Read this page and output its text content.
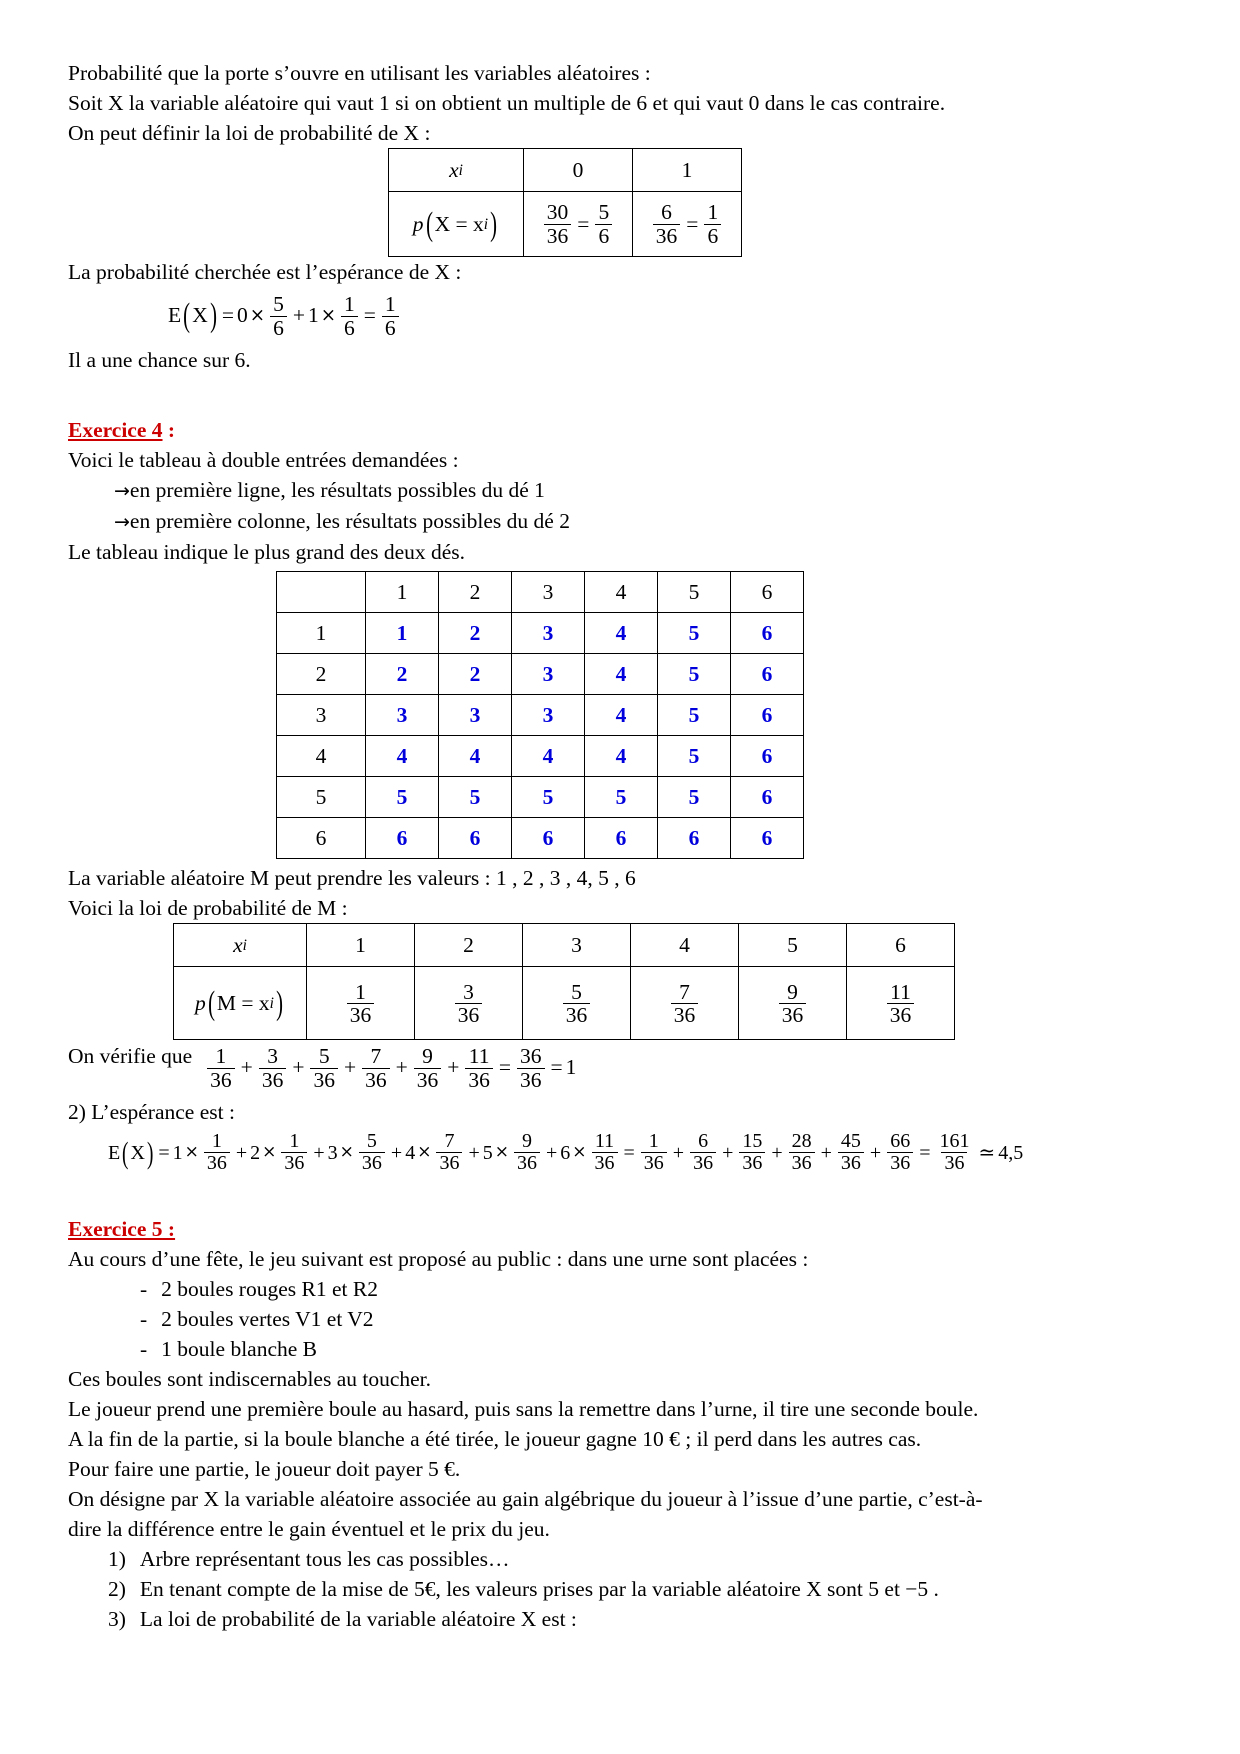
Probabilité que la porte s’ouvre en utilisant les variables aléatoires :
Soit X la variable aléatoire qui vaut 1 si on obtient un multiple de 6 et qui vaut 0 dans le cas contraire.
On peut définir la loi de probabilité de X :
x i	0	1

p ( X = x i )	$\frac{30}{36} = \frac{5}{6}$	$\frac{6}{36} = \frac{1}{6}$
La probabilité cherchée est l’espérance de X :
E ( X ) = $0 \times \frac{5}{6} + 1 \times \frac{1}{6} = \frac{1}{6}$
Il a une chance sur 6.
Exercice 4 :
Voici le tableau à double entrées demandées :
→en première ligne, les résultats possibles du dé 1
→en première colonne, les résultats possibles du dé 2
Le tableau indique le plus grand des deux dés.
	1	2	3	4	5	6
1	1	2	3	4	5	6
2	2	2	3	4	5	6
3	3	3	3	4	5	6
4	4	4	4	4	5	6
5	5	5	5	5	5	6
6	6	6	6	6	6	6
La variable aléatoire M peut prendre les valeurs : 1 , 2 , 3 , 4, 5 , 6
Voici la loi de probabilité de M :
x i	1	2	3	4	5	6

p ( M = x i )	$\frac{1}{36}$	$\frac{3}{36}$	$\frac{5}{36}$	$\frac{7}{36}$	$\frac{9}{36}$	$\frac{11}{36}$
On vérifie que $\frac{1}{36} + \frac{3}{36} + \frac{5}{36} + \frac{7}{36} + \frac{9}{36} + \frac{11}{36} = \frac{36}{36} = 1$
2) L’espérance est :
E ( X ) = $1 \times \frac{1}{36} + 2 \times \frac{1}{36} + 3 \times \frac{5}{36} + 4 \times \frac{7}{36} + 5 \times \frac{9}{36} + 6 \times \frac{11}{36} = \frac{1}{36} + \frac{6}{36} + \frac{15}{36} + \frac{28}{36} + \frac{45}{36} + \frac{66}{36} = \frac{161}{36}$ ≃ 4,5
Exercice 5 :
Au cours d’une fête, le jeu suivant est proposé au public : dans une urne sont placées :
- 2 boules rouges R1 et R2
- 2 boules vertes V1 et V2
- 1 boule blanche B
Ces boules sont indiscernables au toucher.
Le joueur prend une première boule au hasard, puis sans la remettre dans l’urne, il tire une seconde boule.
A la fin de la partie, si la boule blanche a été tirée, le joueur gagne 10 € ; il perd dans les autres cas.
Pour faire une partie, le joueur doit payer 5 €.
On désigne par X la variable aléatoire associée au gain algébrique du joueur à l’issue d’une partie, c’est-à-
dire la différence entre le gain éventuel et le prix du jeu.
1) Arbre représentant tous les cas possibles…
2) En tenant compte de la mise de 5€, les valeurs prises par la variable aléatoire X sont 5 et −5 .
3) La loi de probabilité de la variable aléatoire X est :
